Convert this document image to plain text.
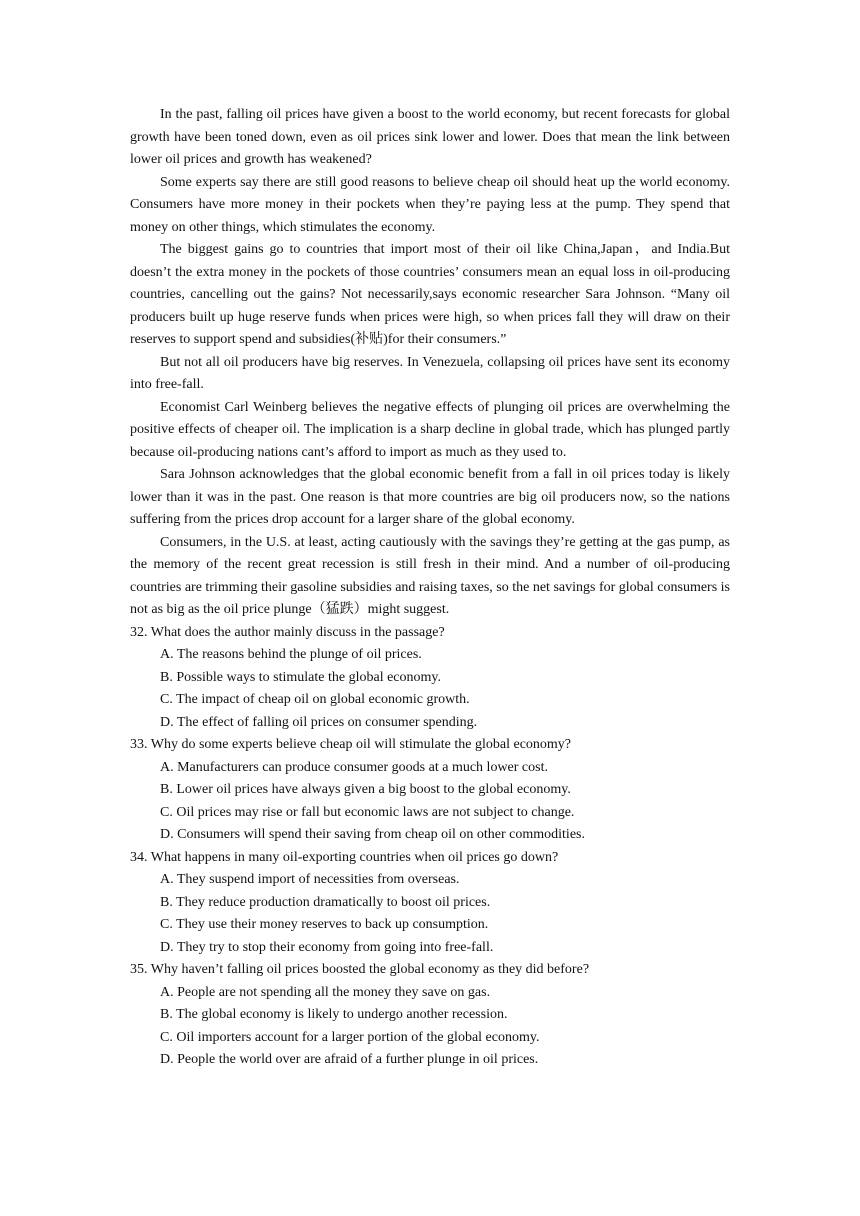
In the past, falling oil prices have given a boost to the world economy, but recent forecasts for global growth have been toned down, even as oil prices sink lower and lower. Does that mean the link between lower oil prices and growth has weakened?

Some experts say there are still good reasons to believe cheap oil should heat up the world economy. Consumers have more money in their pockets when they’re paying less at the pump. They spend that money on other things, which stimulates the economy.

The biggest gains go to countries that import most of their oil like China,Japan，and India.But doesn’t the extra money in the pockets of those countries’ consumers mean an equal loss in oil-producing countries, cancelling out the gains? Not necessarily,says economic researcher Sara Johnson. “Many oil producers built up huge reserve funds when prices were high, so when prices fall they will draw on their reserves to support spend and subsidies(补贴)for their consumers.”

But not all oil producers have big reserves. In Venezuela, collapsing oil prices have sent its economy into free-fall.

Economist Carl Weinberg believes the negative effects of plunging oil prices are overwhelming the positive effects of cheaper oil. The implication is a sharp decline in global trade, which has plunged partly because oil-producing nations cant’s afford to import as much as they used to.

Sara Johnson acknowledges that the global economic benefit from a fall in oil prices today is likely lower than it was in the past. One reason is that more countries are big oil producers now, so the nations suffering from the prices drop account for a larger share of the global economy.

Consumers, in the U.S. at least, acting cautiously with the savings they’re getting at the gas pump, as the memory of the recent great recession is still fresh in their mind. And a number of oil-producing countries are trimming their gasoline subsidies and raising taxes, so the net savings for global consumers is not as big as the oil price plunge（猛跌）might suggest.

32. What does the author mainly discuss in the passage?

A. The reasons behind the plunge of oil prices.
B. Possible ways to stimulate the global economy.
C. The impact of cheap oil on global economic growth.
D. The effect of falling oil prices on consumer spending.

33. Why do some experts believe cheap oil will stimulate the global economy?

A. Manufacturers can produce consumer goods at a much lower cost.
B. Lower oil prices have always given a big boost to the global economy.
C. Oil prices may rise or fall but economic laws are not subject to change.
D. Consumers will spend their saving from cheap oil on other commodities.

34. What happens in many oil-exporting countries when oil prices go down?

A. They suspend import of necessities from overseas.
B. They reduce production dramatically to boost oil prices.
C. They use their money reserves to back up consumption.
D. They try to stop their economy from going into free-fall.

35. Why haven’t falling oil prices boosted the global economy as they did before?

A. People are not spending all the money they save on gas.
B. The global economy is likely to undergo another recession.
C. Oil importers account for a larger portion of the global economy.
D. People the world over are afraid of a further plunge in oil prices.
